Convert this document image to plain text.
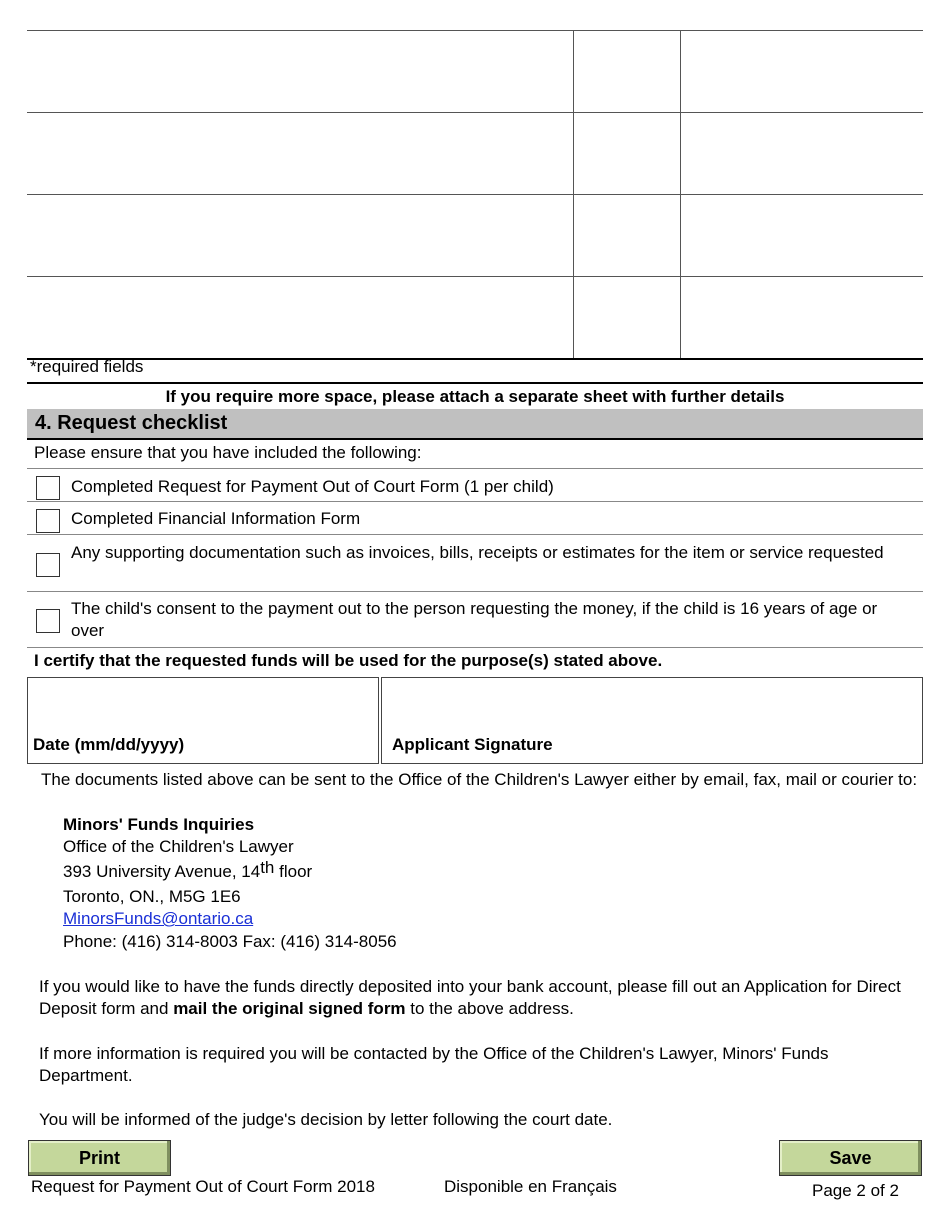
*required fields
If you require more space, please attach a separate sheet with further details
4. Request checklist
Please ensure that you have included the following:
Completed Request for Payment Out of Court Form (1 per child)
Completed Financial Information Form
Any supporting documentation such as invoices, bills, receipts or estimates for the item or service requested
The child's consent to the payment out to the person requesting the money, if the child is 16 years of age or over
I certify that the requested funds will be used for the purpose(s) stated above.
Date (mm/dd/yyyy)	Applicant Signature
The documents listed above can be sent to the Office of the Children's Lawyer either by email, fax, mail or courier to:
Minors' Funds Inquiries
Office of the Children's Lawyer
393 University Avenue, 14th floor
Toronto, ON., M5G 1E6
MinorsFunds@ontario.ca
Phone: (416) 314-8003 Fax: (416) 314-8056
If you would like to have the funds directly deposited into your bank account, please fill out an Application for Direct Deposit form and mail the original signed form to the above address.
If more information is required you will be contacted by the Office of the Children's Lawyer, Minors' Funds Department.
You will be informed of the judge's decision by letter following the court date.
Print	Save
Request for Payment Out of Court Form 2018	Disponible en Français	Page 2 of 2
